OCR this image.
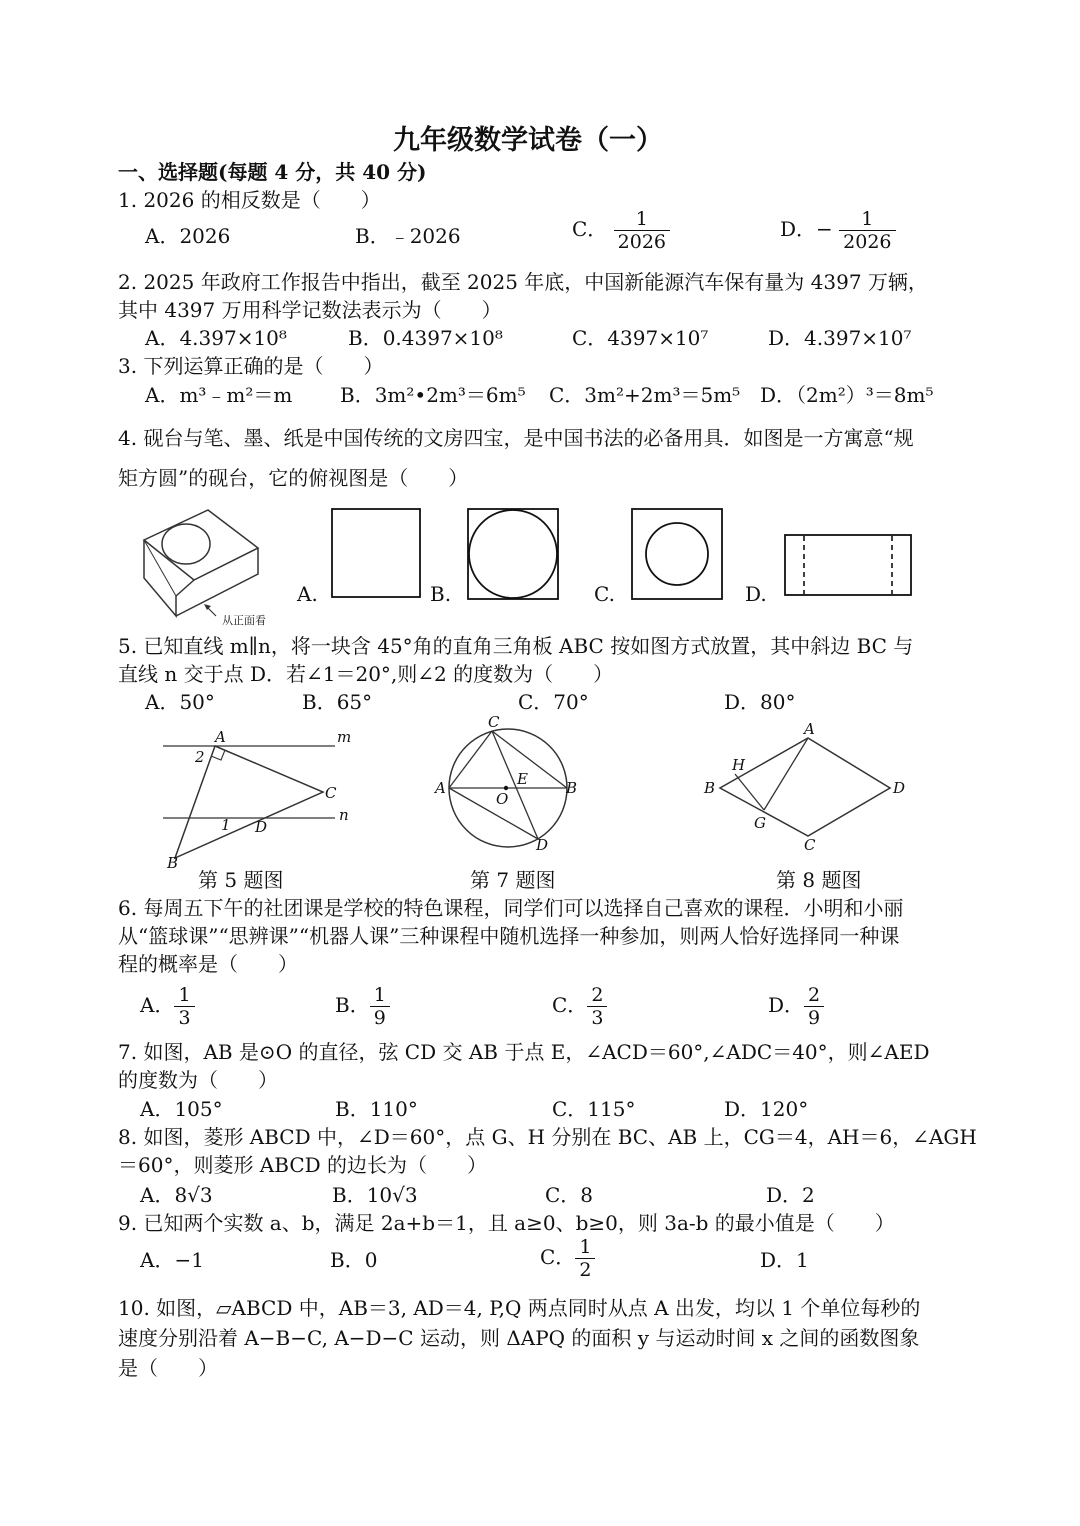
九年级数学试卷（一）
一、选择题(每题 4 分，共 40 分)
1. 2026 的相反数是（　　）
A．2026	B．﹣2026	C． $\frac{1}{2026}$	D．− $\frac{1}{2026}$
2. 2025 年政府工作报告中指出，截至 2025 年底，中国新能源汽车保有量为 4397 万辆，
其中 4397 万用科学记数法表示为（　　）
A．4.397×10⁸	B．0.4397×10⁸	C．4397×10⁷	D．4.397×10⁷
3. 下列运算正确的是（　　）
A．m³﹣m²＝m B．3m²•2m³＝6m⁵ C．3m²+2m³＝5m⁵ D．（2m²）³＝8m⁵
4. 砚台与笔、墨、纸是中国传统的文房四宝，是中国书法的必备用具．如图是一方寓意“规
矩方圆”的砚台，它的俯视图是（　　）
从正面看
A.	B.	C.	D.
5. 已知直线 m∥n，将一块含 45°角的直角三角板 ABC 按如图方式放置，其中斜边 BC 与
直线 n 交于点 D．若∠1＝20°,则∠2 的度数为（　　）
A．50°	B．65°	C．70°	D．80°
A	m
2
C
n
1 D
B
C
A	E
O
B
D
A
H
B	D
G
C
第 5 题图	第 7 题图	第 8 题图
6. 每周五下午的社团课是学校的特色课程，同学们可以选择自己喜欢的课程．小明和小丽
从“篮球课”“思辨课”“机器人课”三种课程中随机选择一种参加，则两人恰好选择同一种课
程的概率是（　　）
A． $\frac{1}{3}$	B． $\frac{1}{9}$	C． $\frac{2}{3}$	D． $\frac{2}{9}$
7. 如图，AB 是⊙O 的直径，弦 CD 交 AB 于点 E，∠ACD＝60°,∠ADC＝40°，则∠AED
的度数为（　　）
A．105°	B．110°	C．115°	D．120°
8. 如图，菱形 ABCD 中，∠D＝60°，点 G、H 分别在 BC、AB 上，CG＝4，AH＝6，∠AGH
＝60°，则菱形 ABCD 的边长为（　　）
A．8√3	B．10√3	C．8	D．2
9. 已知两个实数 a、b，满足 2a+b＝1，且 a≥0、b≥0，则 3a-b 的最小值是（　　）
A．−1	B．0	C． $\frac{1}{2}$	D．1
10. 如图，▱ABCD 中，AB＝3, AD＝4, P,Q 两点同时从点 A 出发，均以 1 个单位每秒的
速度分别沿着 A−B−C, A−D−C 运动，则 ΔAPQ 的面积 y 与运动时间 x 之间的函数图象
是（　　）
